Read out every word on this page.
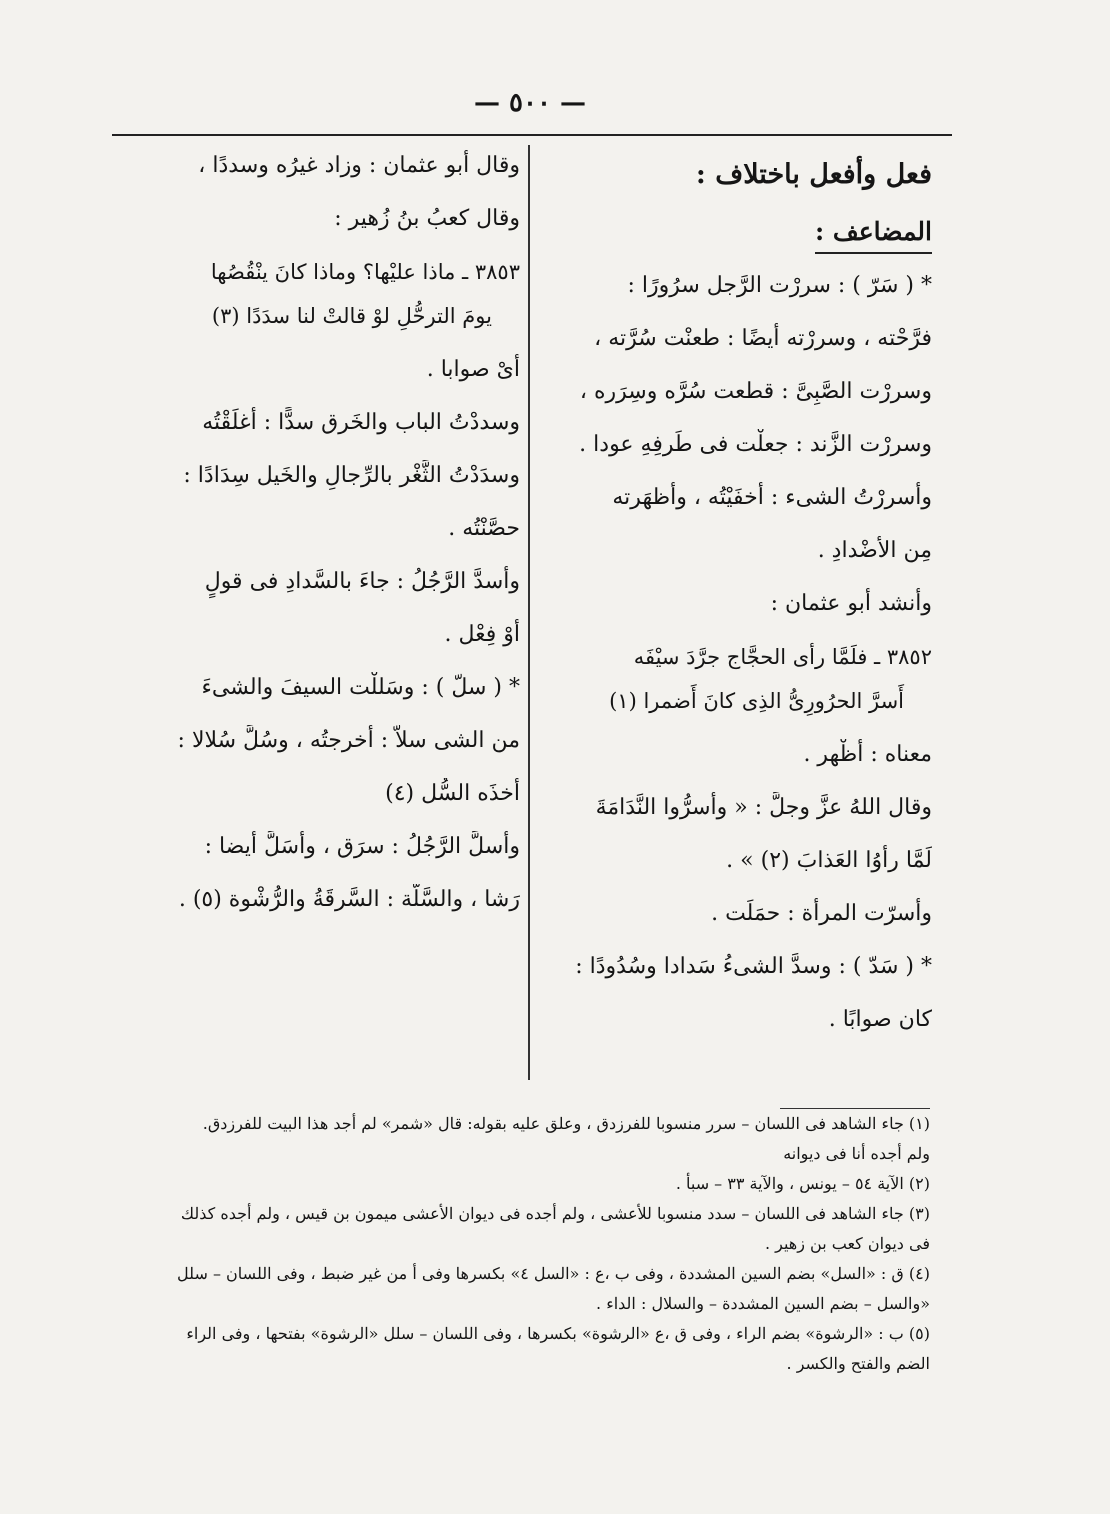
— ٥٠٠ —
فعل وأفعل باختلاف :
المضاعف :
* ( سَرّ ) : سررْت الرَّجل سرُورًا :
فرَّحْته ، وسررْته أيضًا : طعنْت سُرَّته ،
وسررْت الصَّبِىَّ : قطعت سُرَّه وسِرَره ،
وسررْت الزَّند : جعلْت فى طَرفِهِ عودا .
وأَسررْتُ الشىء : أَخفَيْتُه ، وأَظهَرته
مِن الأَضْدادِ .
وأنشد أبو عثمان :
٣٨٥٢ ـ فلَمَّا رأى الحجَّاج جرَّدَ سيْفَه
أَسرَّ الحرُورِىُّ الذِى كانَ أَضمرا (١)
معناه : أَظْهر .
وقال اللهُ عزَّ وجلَّ : « وأَسرُّوا النَّدَامَةَ
لَمَّا رأوُا العَذابَ (٢) » .
وأَسرّت المرأة : حمَلَت .
* ( سَدّ ) : وسدَّ الشىءُ سَدادا وسُدُودًا :
كان صوابًا .
وقال أبو عثمان : وزاد غيرُه وسددًا ،
وقال كعبُ بنُ زُهير :
٣٨٥٣ ـ ماذا عليْها؟ وماذا كانَ ينْقُصُها
يومَ الترحُّلِ لوْ قالتْ لنا سدَدًا (٣)
أىْ صوابا .
وسددْتُ الباب والخَرق سدًّا : أَغلَقْتُه
وسدَدْتُ الثَّغْر بالرِّجالِ والخَيل سِدَادًا :
حصَّنْتُه .
وأَسدَّ الرَّجُلُ : جاءَ بالسَّدادِ فى قولٍ
أوْ فِعْل .
* ( سلّ ) : وسَللْت السيفَ والشىءَ
من الشى سلاًّ : أخرجتُه ، وسُلَّ سُلالا :
أَخذَه السُّل (٤)
وأَسلَّ الرَّجُلُ : سرَق ، وأَسَلَّ أيضا :
رَشا ، والسَّلَّة : السَّرقَةُ والرُّشْوة (٥) .
(١) جاء الشاهد فى اللسان – سرر منسوبا للفرزدق ، وعلق عليه بقوله: قال «شمر» لم أجد هذا البيت للفرزدق.
ولم أجده أنا فى ديوانه
(٢) الآية ٥٤ – يونس ، والآية ٣٣ – سبأ .
(٣) جاء الشاهد فى اللسان – سدد منسوبا للأعشى ، ولم أجده فى ديوان الأعشى ميمون بن قيس ، ولم أجده كذلك
فى ديوان كعب بن زهير .
(٤) ق : «السل» بضم السين المشددة ، وفى ب ،ع : «السل ٤» بكسرها وفى أ من غير ضبط ، وفى اللسان – سلل
«والسل – بضم السين المشددة – والسلال : الداء .
(٥) ب : «الرشوة» بضم الراء ، وفى ق ،ع «الرشوة» بكسرها ، وفى اللسان – سلل «الرشوة» بفتحها ، وفى الراء
الضم والفتح والكسر .
